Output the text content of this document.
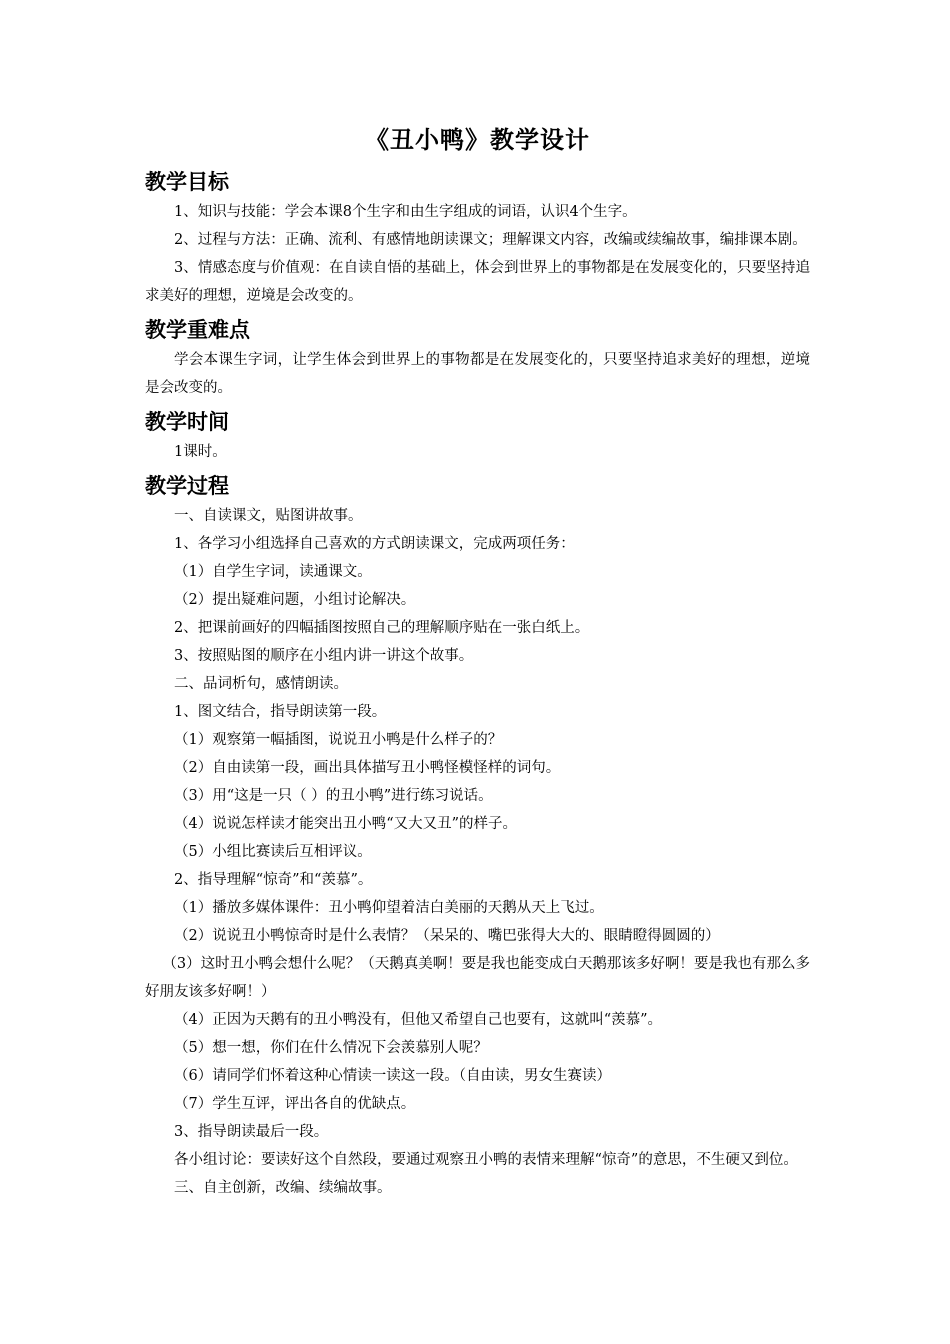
《丑小鸭》教学设计
教学目标

1、知识与技能：学会本课8个生字和由生字组成的词语，认识4个生字。

2、过程与方法：正确、流利、有感情地朗读课文；理解课文内容，改编或续编故事，编排课本剧。

3、情感态度与价值观：在自读自悟的基础上，体会到世界上的事物都是在发展变化的，只要坚持追求美好的理想，逆境是会改变的。

教学重难点

学会本课生字词，让学生体会到世界上的事物都是在发展变化的，只要坚持追求美好的理想，逆境是会改变的。

教学时间

1课时。

教学过程

一、自读课文，贴图讲故事。

1、各学习小组选择自己喜欢的方式朗读课文，完成两项任务：

（1）自学生字词，读通课文。

（2）提出疑难问题，小组讨论解决。

2、把课前画好的四幅插图按照自己的理解顺序贴在一张白纸上。

3、按照贴图的顺序在小组内讲一讲这个故事。

二、品词析句，感情朗读。

1、图文结合，指导朗读第一段。

（1）观察第一幅插图，说说丑小鸭是什么样子的？

（2）自由读第一段，画出具体描写丑小鸭怪模怪样的词句。

（3）用“这是一只（ ）的丑小鸭”进行练习说话。

（4）说说怎样读才能突出丑小鸭“又大又丑”的样子。

（5）小组比赛读后互相评议。

2、指导理解“惊奇”和“羡慕”。

（1）播放多媒体课件：丑小鸭仰望着洁白美丽的天鹅从天上飞过。

（2）说说丑小鸭惊奇时是什么表情？（呆呆的、嘴巴张得大大的、眼睛瞪得圆圆的）

（3）这时丑小鸭会想什么呢？（天鹅真美啊！要是我也能变成白天鹅那该多好啊！要是我也有那么多好朋友该多好啊！）

（4）正因为天鹅有的丑小鸭没有，但他又希望自己也要有，这就叫“羡慕”。

（5）想一想，你们在什么情况下会羡慕别人呢？

（6）请同学们怀着这种心情读一读这一段。（自由读，男女生赛读）

（7）学生互评，评出各自的优缺点。

3、指导朗读最后一段。

各小组讨论：要读好这个自然段，要通过观察丑小鸭的表情来理解“惊奇”的意思，不生硬又到位。

三、自主创新，改编、续编故事。
